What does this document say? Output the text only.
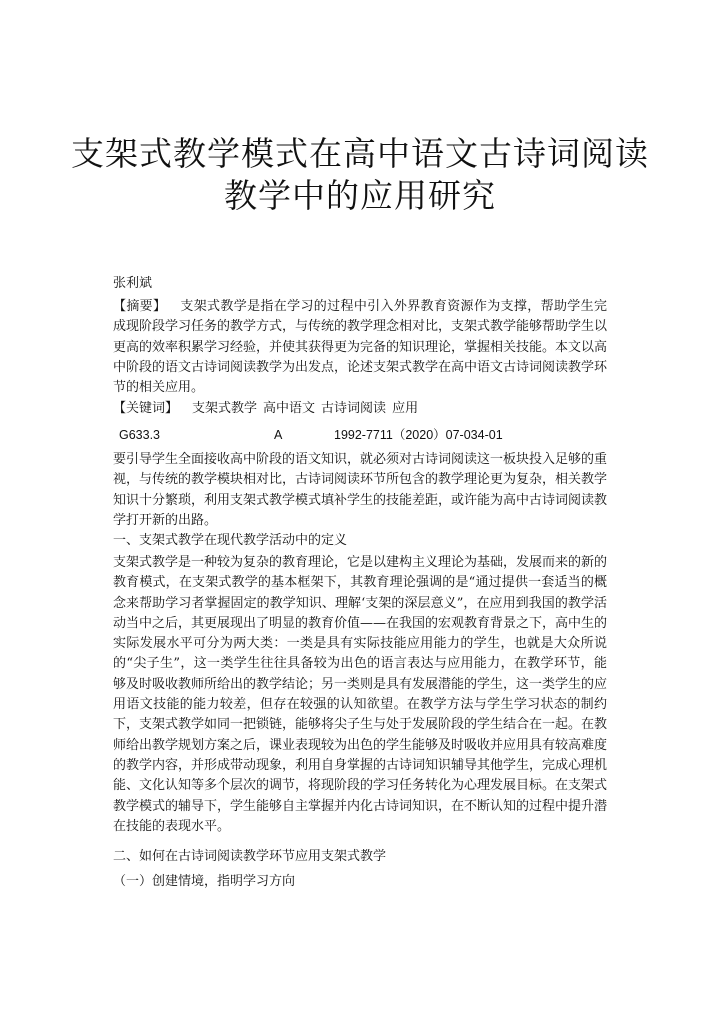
支架式教学模式在高中语文古诗词阅读
教学中的应用研究
张利斌
【摘要】 支架式教学是指在学习的过程中引入外界教育资源作为支撑，帮助学生完成现阶段学习任务的教学方式，与传统的教学理念相对比，支架式教学能够帮助学生以更高的效率积累学习经验，并使其获得更为完备的知识理论，掌握相关技能。本文以高中阶段的语文古诗词阅读教学为出发点，论述支架式教学在高中语文古诗词阅读教学环节的相关应用。
【关键词】 支架式教学 高中语文 古诗词阅读 应用

G633.3

	A

	1992-7711（2020）07-034-01

要引导学生全面接收高中阶段的语文知识，就必须对古诗词阅读这一板块投入足够的重视，与传统的教学模块相对比，古诗词阅读环节所包含的教学理论更为复杂，相关教学知识十分繁琐，利用支架式教学模式填补学生的技能差距，或许能为高中古诗词阅读教学打开新的出路。
一、支架式教学在现代教学活动中的定义
支架式教学是一种较为复杂的教育理论，它是以建构主义理论为基础，发展而来的新的教育模式，在支架式教学的基本框架下，其教育理论强调的是“通过提供一套适当的概念来帮助学习者掌握固定的教学知识、理解‘支架的深层意义”，在应用到我国的教学活动当中之后，其更展现出了明显的教育价值——在我国的宏观教育背景之下，高中生的实际发展水平可分为两大类：一类是具有实际技能应用能力的学生，也就是大众所说的“尖子生”，这一类学生往往具备较为出色的语言表达与应用能力，在教学环节，能够及时吸收教师所给出的教学结论；另一类则是具有发展潜能的学生，这一类学生的应用语文技能的能力较差，但存在较强的认知欲望。在教学方法与学生学习状态的制约下，支架式教学如同一把锁链，能够将尖子生与处于发展阶段的学生结合在一起。在教师给出教学规划方案之后，课业表现较为出色的学生能够及时吸收并应用具有较高难度的教学内容，并形成带动现象，利用自身掌握的古诗词知识辅导其他学生，完成心理机能、文化认知等多个层次的调节，将现阶段的学习任务转化为心理发展目标。在支架式教学模式的辅导下，学生能够自主掌握并内化古诗词知识，在不断认知的过程中提升潜在技能的表现水平。
二、如何在古诗词阅读教学环节应用支架式教学
（一）创建情境，指明学习方向
